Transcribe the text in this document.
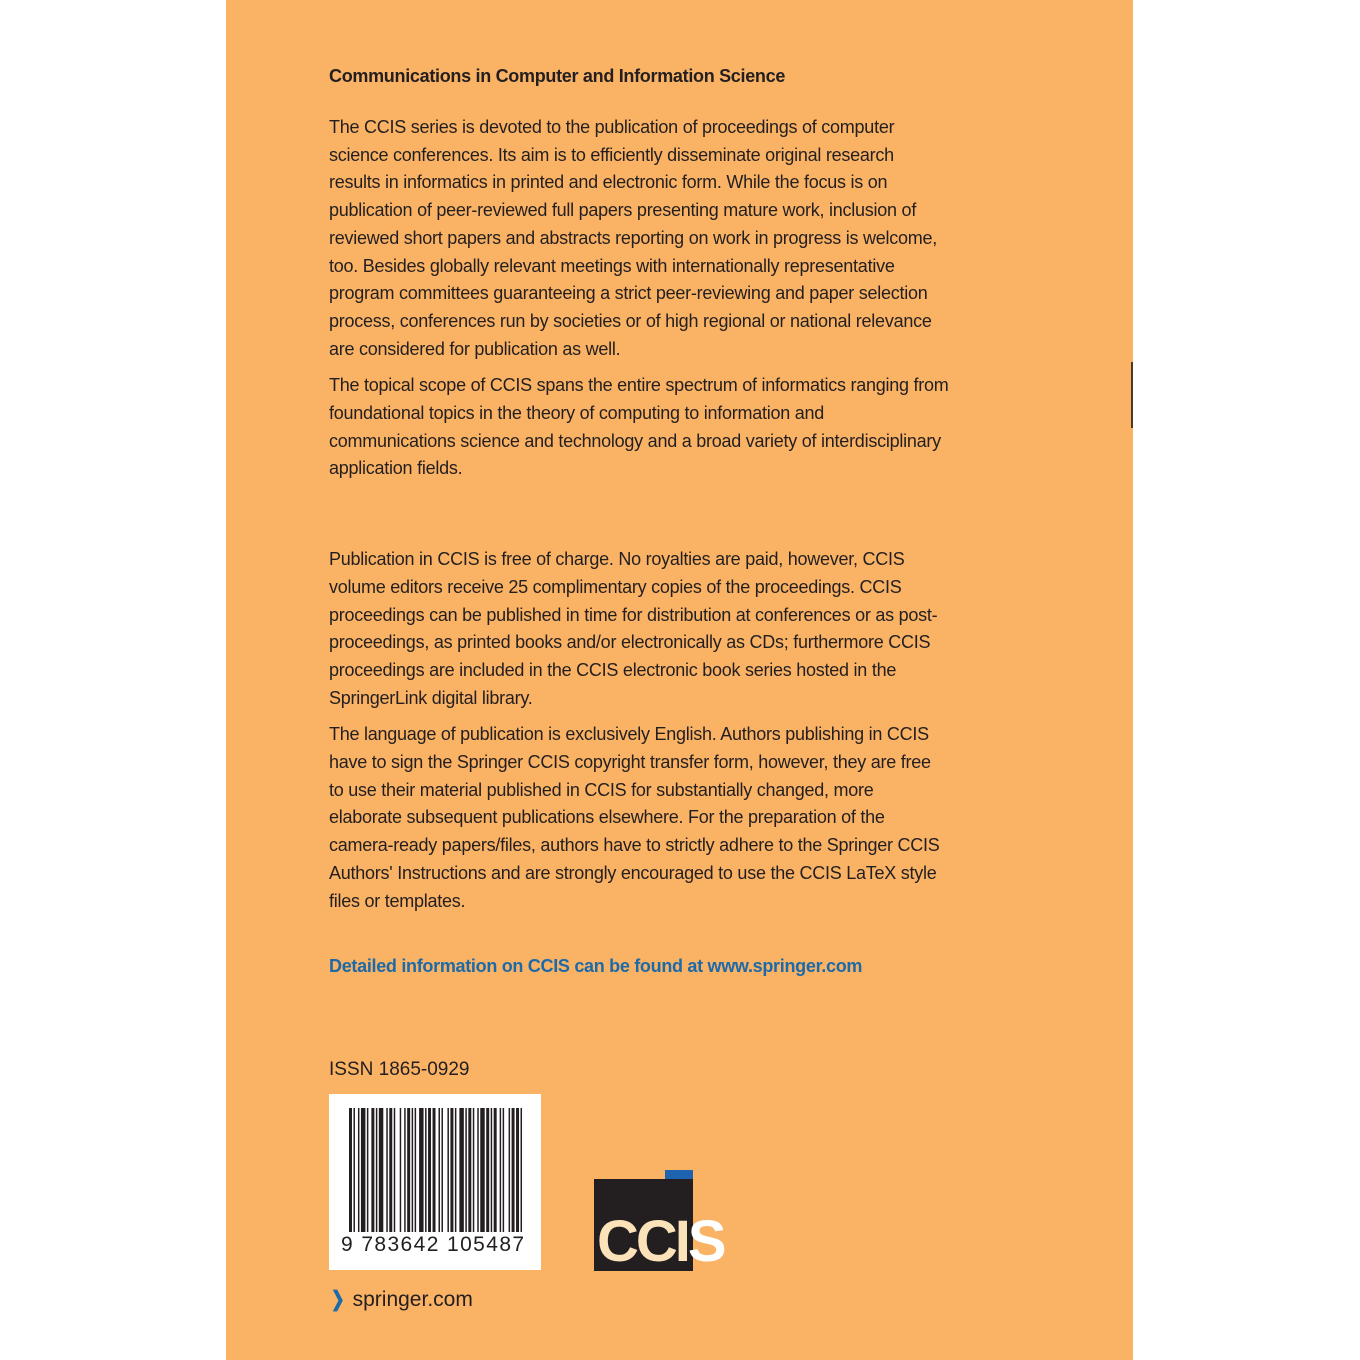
Communications in Computer and Information Science

The CCIS series is devoted to the publication of proceedings of computer science conferences. Its aim is to efficiently disseminate original research results in informatics in printed and electronic form. While the focus is on publication of peer-reviewed full papers presenting mature work, inclusion of reviewed short papers and abstracts reporting on work in progress is welcome, too. Besides globally relevant meetings with internationally representative program committees guaranteeing a strict peer-reviewing and paper selection process, conferences run by societies or of high regional or national relevance are considered for publication as well.

The topical scope of CCIS spans the entire spectrum of informatics ranging from foundational topics in the theory of computing to information and communications science and technology and a broad variety of interdisciplinary application fields.

Publication in CCIS is free of charge. No royalties are paid, however, CCIS volume editors receive 25 complimentary copies of the proceedings. CCIS proceedings can be published in time for distribution at conferences or as post-proceedings, as printed books and/or electronically as CDs; furthermore CCIS proceedings are included in the CCIS electronic book series hosted in the SpringerLink digital library.

The language of publication is exclusively English. Authors publishing in CCIS have to sign the Springer CCIS copyright transfer form, however, they are free to use their material published in CCIS for substantially changed, more elaborate subsequent publications elsewhere. For the preparation of the camera-ready papers/files, authors have to strictly adhere to the Springer CCIS Authors' Instructions and are strongly encouraged to use the CCIS LaTeX style files or templates.

Detailed information on CCIS can be found at www.springer.com
ISSN 1865-0929
9 783642 105487 CCIS
❯ springer.com
